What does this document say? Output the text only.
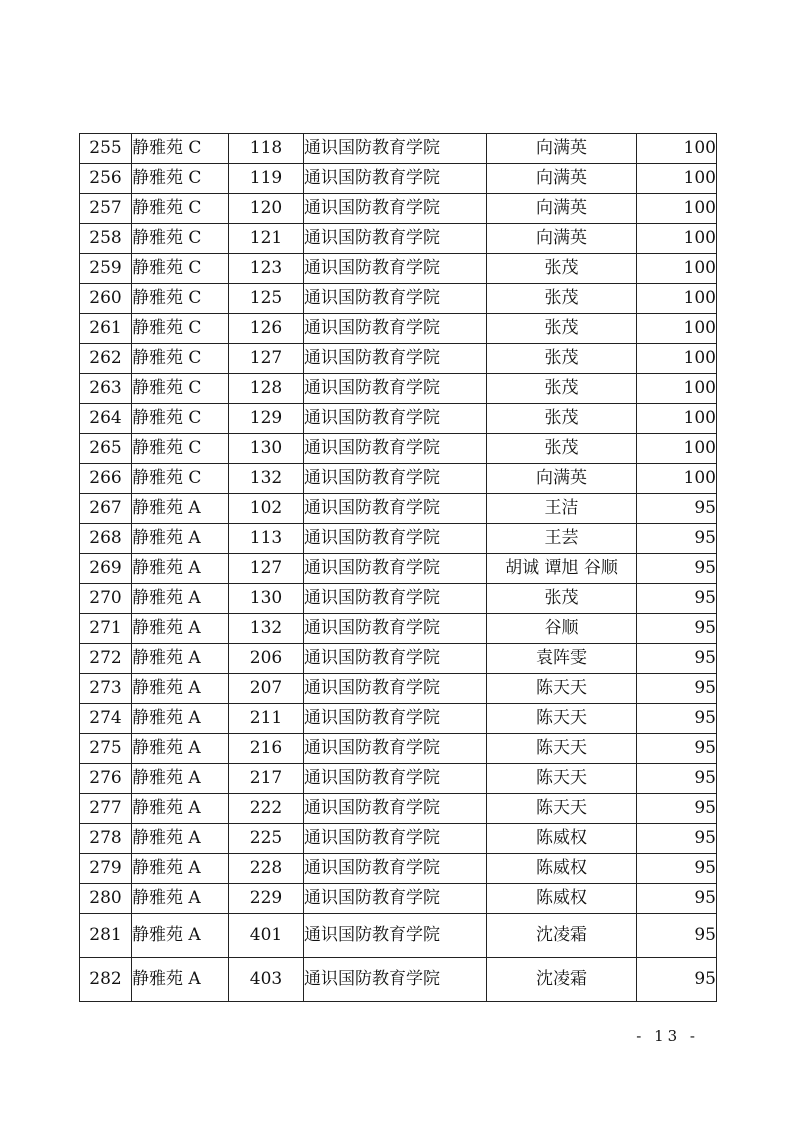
255	静雅苑 C	118	通识国防教育学院	向满英	100
256	静雅苑 C	119	通识国防教育学院	向满英	100
257	静雅苑 C	120	通识国防教育学院	向满英	100
258	静雅苑 C	121	通识国防教育学院	向满英	100
259	静雅苑 C	123	通识国防教育学院	张茂	100
260	静雅苑 C	125	通识国防教育学院	张茂	100
261	静雅苑 C	126	通识国防教育学院	张茂	100
262	静雅苑 C	127	通识国防教育学院	张茂	100
263	静雅苑 C	128	通识国防教育学院	张茂	100
264	静雅苑 C	129	通识国防教育学院	张茂	100
265	静雅苑 C	130	通识国防教育学院	张茂	100
266	静雅苑 C	132	通识国防教育学院	向满英	100
267	静雅苑 A	102	通识国防教育学院	王洁	95
268	静雅苑 A	113	通识国防教育学院	王芸	95
269	静雅苑 A	127	通识国防教育学院	胡诚 谭旭 谷顺	95
270	静雅苑 A	130	通识国防教育学院	张茂	95
271	静雅苑 A	132	通识国防教育学院	谷顺	95
272	静雅苑 A	206	通识国防教育学院	袁阵雯	95
273	静雅苑 A	207	通识国防教育学院	陈天天	95
274	静雅苑 A	211	通识国防教育学院	陈天天	95
275	静雅苑 A	216	通识国防教育学院	陈天天	95
276	静雅苑 A	217	通识国防教育学院	陈天天	95
277	静雅苑 A	222	通识国防教育学院	陈天天	95
278	静雅苑 A	225	通识国防教育学院	陈威权	95
279	静雅苑 A	228	通识国防教育学院	陈威权	95
280	静雅苑 A	229	通识国防教育学院	陈威权	95
281	静雅苑 A	401	通识国防教育学院	沈凌霜	95
282	静雅苑 A	403	通识国防教育学院	沈凌霜	95
- 13 -
